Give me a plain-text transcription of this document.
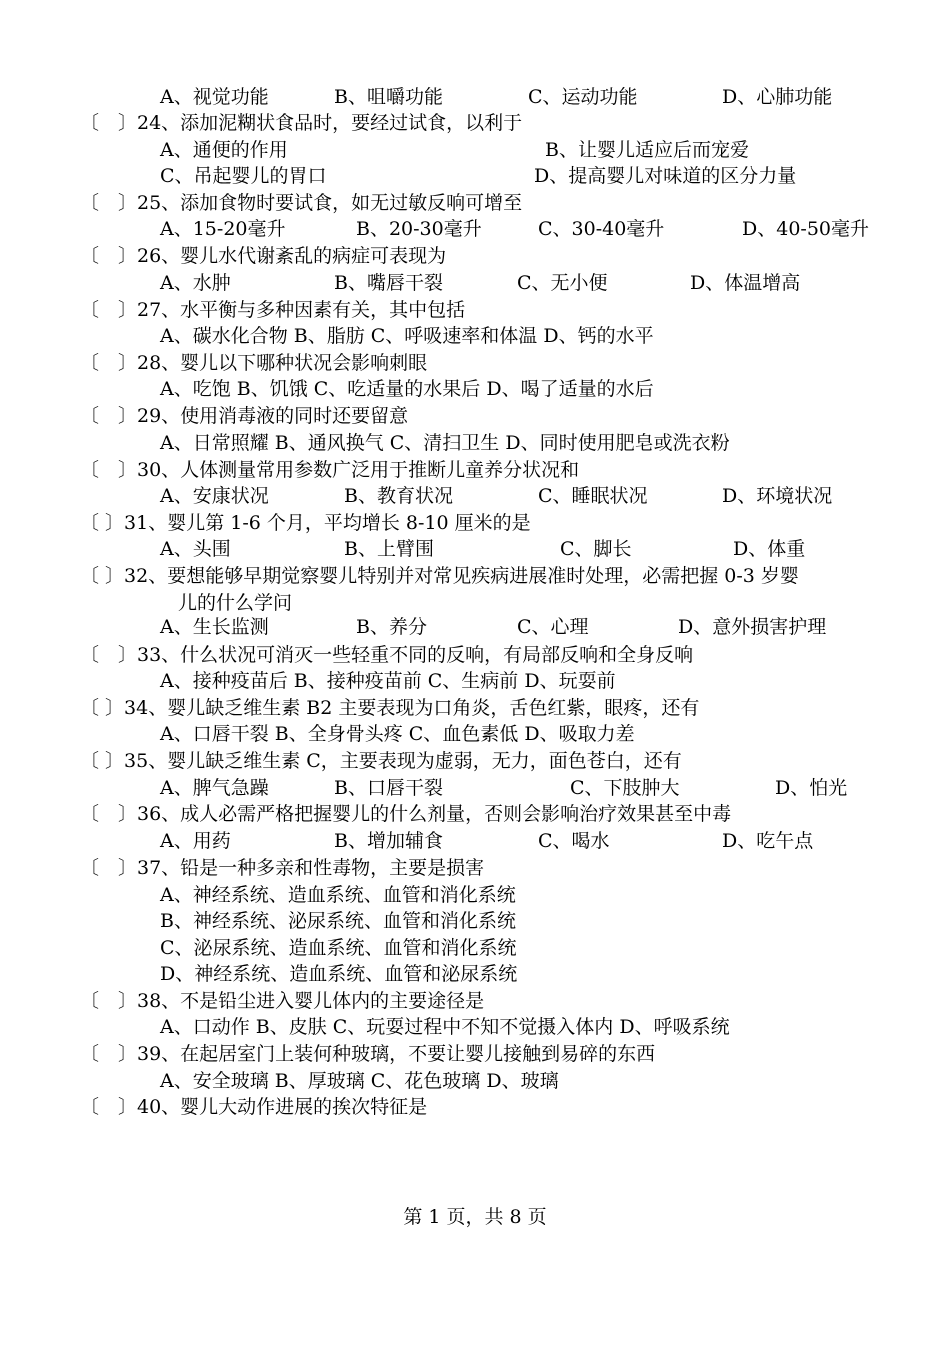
第 1 页，共 8 页
A、视觉功能	B、咀嚼功能	C、运动功能	D、心肺功能
〔　〕24、添加泥糊状食品时，要经过试食，以利于
A、通便的作用	B、让婴儿适应后而宠爱
C、吊起婴儿的胃口	D、提高婴儿对味道的区分力量
〔　〕25、添加食物时要试食，如无过敏反响可增至
A、15-20毫升	B、20-30毫升	C、30-40毫升	D、40-50毫升
〔　〕26、婴儿水代谢紊乱的病症可表现为
A、水肿	B、嘴唇干裂	C、无小便	D、体温增高
〔　〕27、水平衡与多种因素有关，其中包括
A、碳水化合物 B、脂肪 C、呼吸速率和体温 D、钙的水平
〔　〕28、婴儿以下哪种状况会影响刺眼
A、吃饱 B、饥饿 C、吃适量的水果后 D、喝了适量的水后
〔　〕29、使用消毒液的同时还要留意
A、日常照耀 B、通风换气 C、清扫卫生 D、同时使用肥皂或洗衣粉
〔　〕30、人体测量常用参数广泛用于推断儿童养分状况和
A、安康状况	B、教育状况	C、睡眠状况	D、环境状况
〔 〕31、婴儿第 1-6 个月，平均增长 8-10 厘米的是
A、头围	B、上臂围	C、脚长	D、体重
〔 〕32、要想能够早期觉察婴儿特别并对常见疾病进展准时处理，必需把握 0-3 岁婴
儿的什么学问
A、生长监测	B、养分	C、心理	D、意外损害护理
〔　〕33、什么状况可消灭一些轻重不同的反响，有局部反响和全身反响
A、接种疫苗后 B、接种疫苗前 C、生病前 D、玩耍前
〔 〕34、婴儿缺乏维生素 B2 主要表现为口角炎，舌色红紫，眼疼，还有
A、口唇干裂 B、全身骨头疼 C、血色素低 D、吸取力差
〔 〕35、婴儿缺乏维生素 C，主要表现为虚弱，无力，面色苍白，还有
A、脾气急躁	B、口唇干裂	C、下肢肿大	D、怕光
〔　〕36、成人必需严格把握婴儿的什么剂量，否则会影响治疗效果甚至中毒
A、用药	B、增加辅食	C、喝水	D、吃午点
〔　〕37、铅是一种多亲和性毒物，主要是损害
A、神经系统、造血系统、血管和消化系统
B、神经系统、泌尿系统、血管和消化系统
C、泌尿系统、造血系统、血管和消化系统
D、神经系统、造血系统、血管和泌尿系统
〔　〕38、不是铅尘进入婴儿体内的主要途径是
A、口动作 B、皮肤 C、玩耍过程中不知不觉摄入体内 D、呼吸系统
〔　〕39、在起居室门上装何种玻璃，不要让婴儿接触到易碎的东西
A、安全玻璃 B、厚玻璃 C、花色玻璃 D、玻璃
〔　〕40、婴儿大动作进展的挨次特征是
